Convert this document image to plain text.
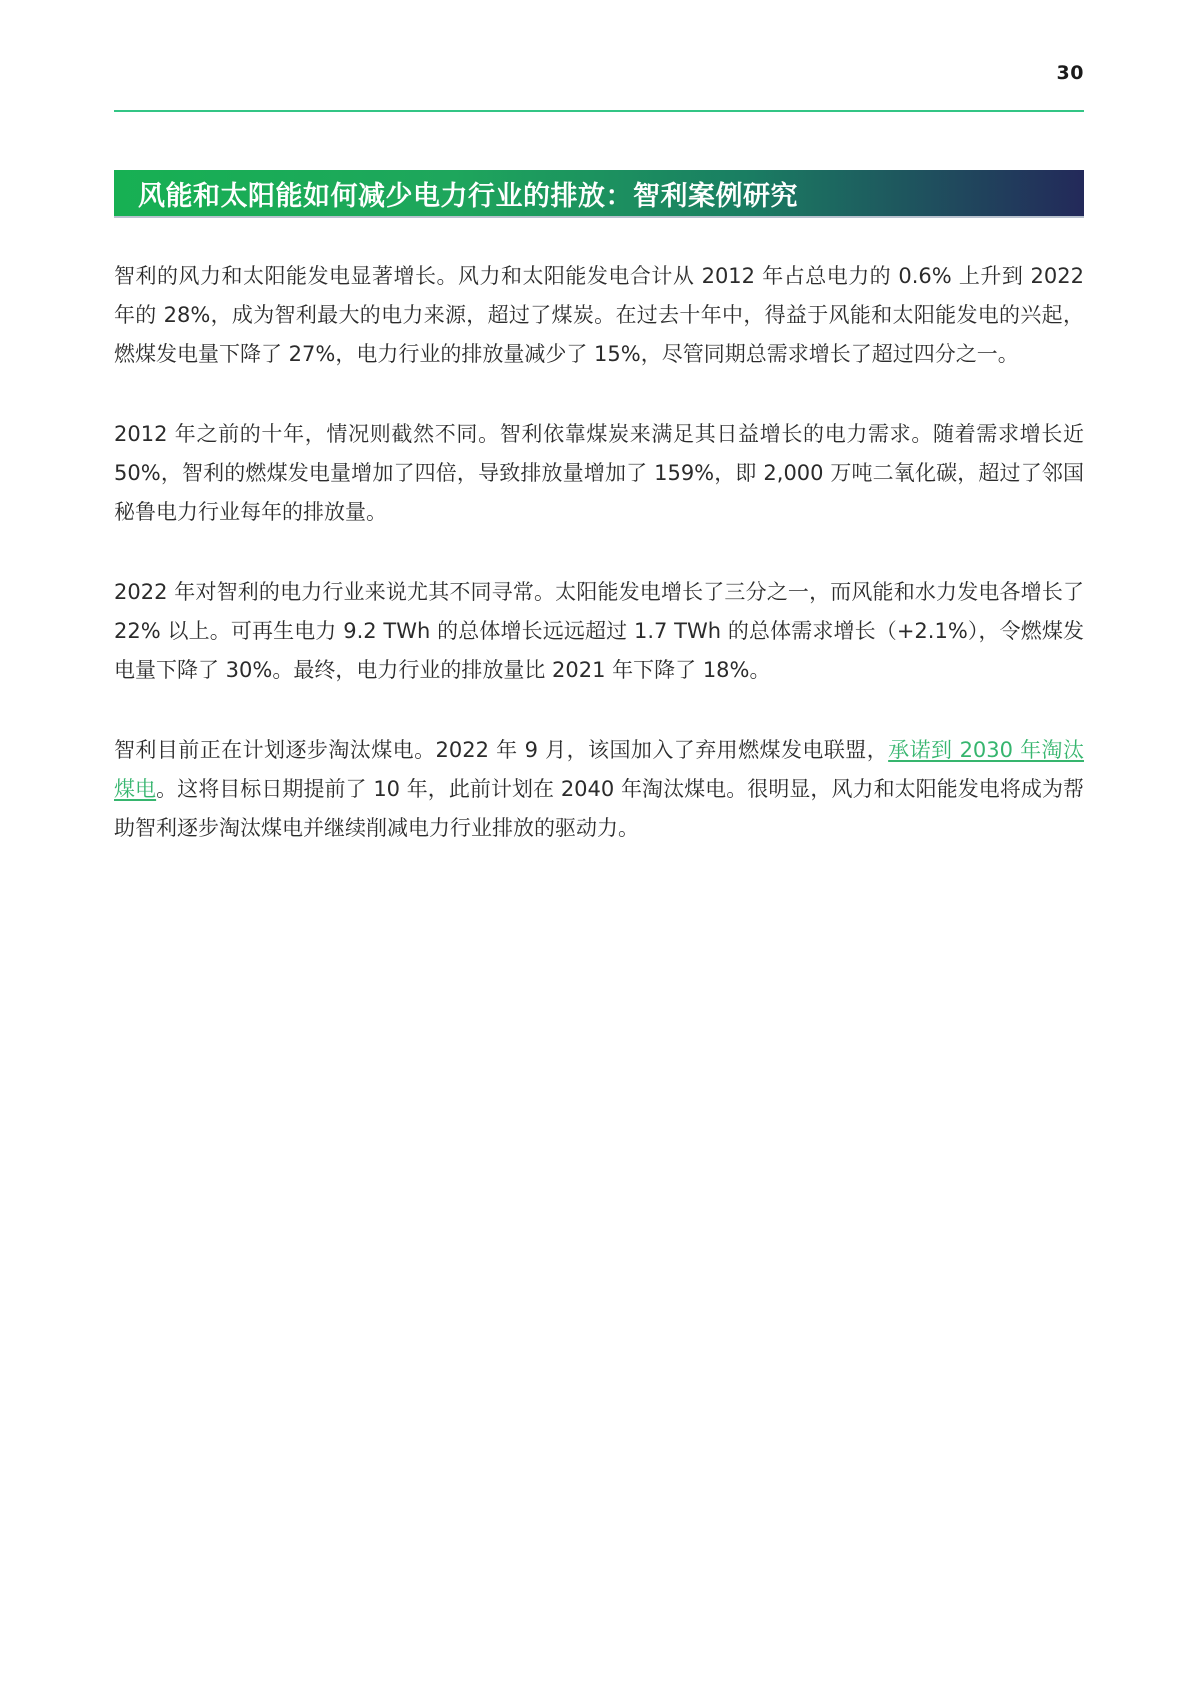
30
风能和太阳能如何减少电力行业的排放：智利案例研究

智利的风力和太阳能发电显著增长。风力和太阳能发电合计从 2012 年占总电力的 0.6% 上升到 2022 年的 28%，成为智利最大的电力来源，超过了煤炭。在过去十年中，得益于风能和太阳能发电的兴起，燃煤发电量下降了 27%，电力行业的排放量减少了 15%，尽管同期总需求增长了超过四分之一。

2012 年之前的十年，情况则截然不同。智利依靠煤炭来满足其日益增长的电力需求。随着需求增长近 50%，智利的燃煤发电量增加了四倍，导致排放量增加了 159%，即 2,000 万吨二氧化碳，超过了邻国秘鲁电力行业每年的排放量。

2022 年对智利的电力行业来说尤其不同寻常。太阳能发电增长了三分之一，而风能和水力发电各增长了 22% 以上。可再生电力 9.2 TWh 的总体增长远远超过 1.7 TWh 的总体需求增长（+2.1%），令燃煤发电量下降了 30%。最终，电力行业的排放量比 2021 年下降了 18%。

智利目前正在计划逐步淘汰煤电。2022 年 9 月，该国加入了弃用燃煤发电联盟，承诺到 2030 年淘汰煤电。这将目标日期提前了 10 年，此前计划在 2040 年淘汰煤电。很明显，风力和太阳能发电将成为帮助智利逐步淘汰煤电并继续削减电力行业排放的驱动力。
